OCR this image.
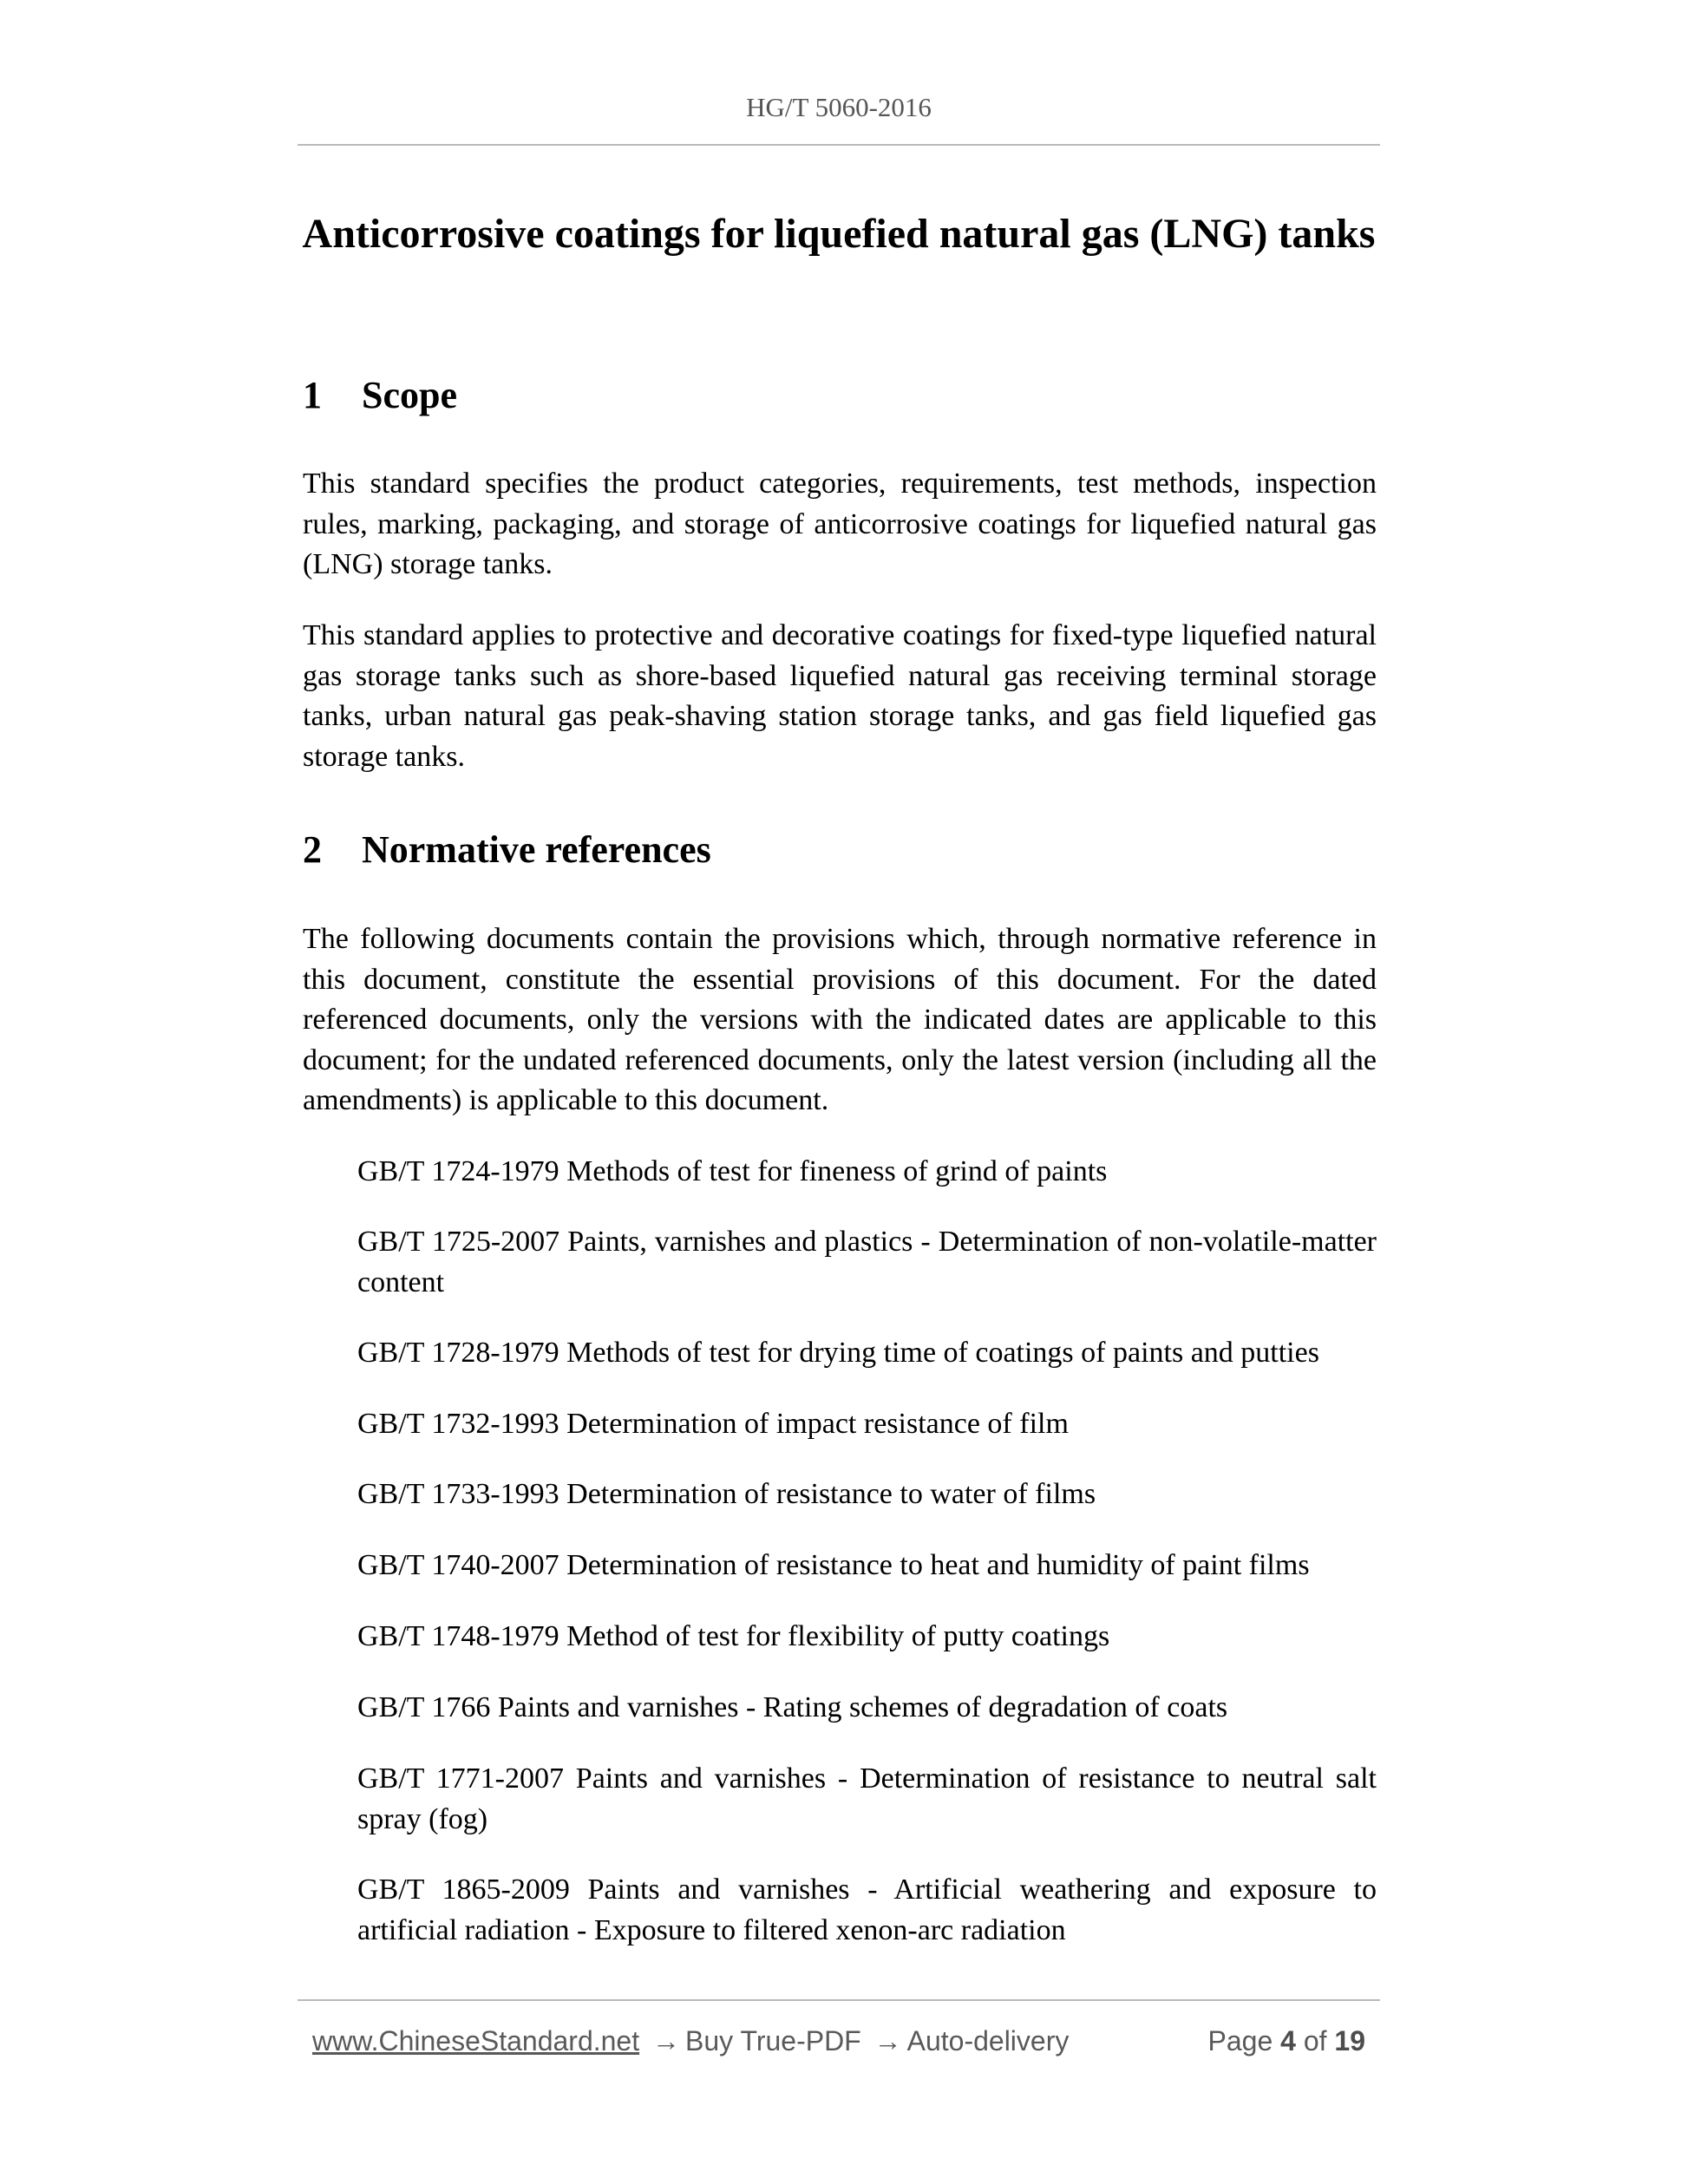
HG/T 5060-2016
Anticorrosive coatings for liquefied natural gas (LNG) tanks
1 Scope

This standard specifies the product categories, requirements, test methods, inspection rules, marking, packaging, and storage of anticorrosive coatings for liquefied natural gas (LNG) storage tanks.

This standard applies to protective and decorative coatings for fixed-type liquefied natural gas storage tanks such as shore-based liquefied natural gas receiving terminal storage tanks, urban natural gas peak-shaving station storage tanks, and gas field liquefied gas storage tanks.

2 Normative references

The following documents contain the provisions which, through normative reference in this document, constitute the essential provisions of this document. For the dated referenced documents, only the versions with the indicated dates are applicable to this document; for the undated referenced documents, only the latest version (including all the amendments) is applicable to this document.

GB/T 1724-1979 Methods of test for fineness of grind of paints

GB/T 1725-2007 Paints, varnishes and plastics - Determination of non-volatile-matter content

GB/T 1728-1979 Methods of test for drying time of coatings of paints and putties

GB/T 1732-1993 Determination of impact resistance of film

GB/T 1733-1993 Determination of resistance to water of films

GB/T 1740-2007 Determination of resistance to heat and humidity of paint films

GB/T 1748-1979 Method of test for flexibility of putty coatings

GB/T 1766 Paints and varnishes - Rating schemes of degradation of coats

GB/T 1771-2007 Paints and varnishes - Determination of resistance to neutral salt spray (fog)

GB/T 1865-2009 Paints and varnishes - Artificial weathering and exposure to artificial radiation - Exposure to filtered xenon-arc radiation

www.ChineseStandard.net → Buy True-PDF → Auto-delivery	Page 4 of 19
